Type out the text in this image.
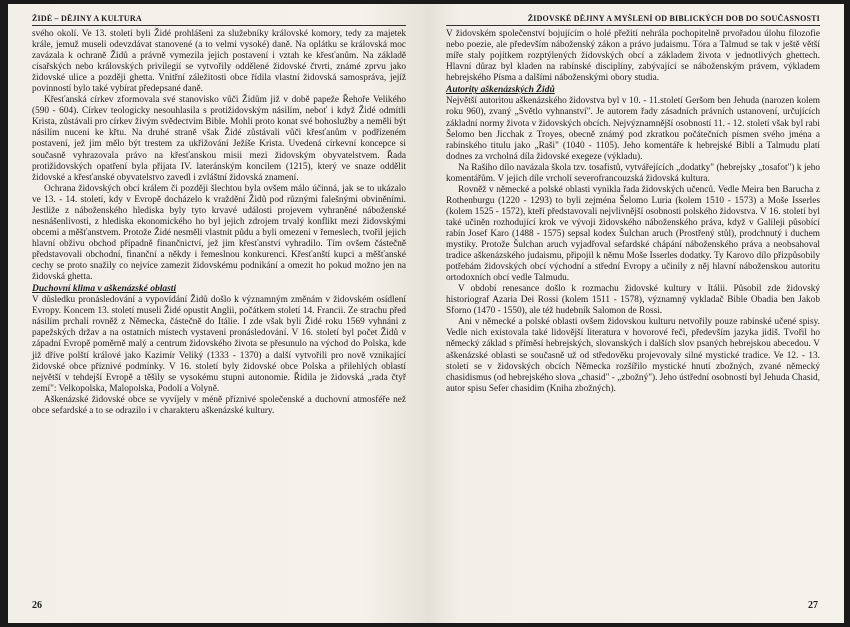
ŽIDÉ – DĚJINY A KULTURA

svého okolí. Ve 13. století byli Židé prohlášeni za služebníky královské komory, tedy za majetek krále, jemuž museli odevzdávat stanovené (a to velmi vysoké) daně. Na oplátku se královská moc zavázala k ochraně Židů a právně vymezila jejich postavení i vztah ke křesťanům. Na základě císařských nebo královských privilegií se vytvořily oddělené židovské čtvrti, známé zprvu jako židovské ulice a později ghetta. Vnitřní záležitosti obce řídila vlastní židovská samospráva, jejíž povinností bylo také vybírat předepsané daně.

Křesťanská církev zformovala své stanovisko vůči Židům již v době papeže Řehoře Velikého (590 - 604). Církev teologicky nesouhlasila s protižidovským násilím, neboť i když Židé odmítli Krista, zůstávali pro církev živým svědectvím Bible. Mohli proto konat své bohoslužby a neměli být násilím nuceni ke křtu. Na druhé straně však Židé zůstávali vůči křesťanům v podřízeném postavení, jež jim mělo být trestem za ukřižování Ježíše Krista. Uvedená církevní koncepce si současně vyhrazovala právo na křesťanskou misii mezi židovským obyvatelstvem. Řada protižidovských opatření byla přijata IV. lateránským koncilem (1215), který ve snaze oddělit židovské a křesťanské obyvatelstvo zavedl i zvláštní židovská znamení.

Ochrana židovských obcí králem či později šlechtou byla ovšem málo účinná, jak se to ukázalo ve 13. - 14. století, kdy v Evropě docházelo k vraždění Židů pod různými falešnými obviněními. Jestliže z náboženského hlediska byly tyto krvavé události projevem vyhraněné náboženské nesnášenlivosti, z hlediska ekonomického ho byl jejich zdrojem trvalý konflikt mezi židovskými obcemi a měšťanstvem. Protože Židé nesměli vlastnit půdu a byli omezeni v řemeslech, tvořil jejich hlavní obživu obchod případně finančnictví, jež jim křesťanství vyhradilo. Tím ovšem částečně představovali obchodní, finanční a někdy i řemeslnou konkurenci. Křesťanští kupci a měšťanské cechy se proto snažily co nejvíce zamezit židovskému podnikání a omezit ho pokud možno jen na židovská ghetta.

Duchovní klima v aškenázské oblasti

V důsledku pronásledování a vypovídání Židů došlo k významným změnám v židovském osídlení Evropy. Koncem 13. století museli Židé opustit Anglii, počátkem století 14. Francii. Ze strachu před násilím prchali rovněž z Německa, částečně do Itálie. I zde však byli Židé roku 1569 vyhnáni z papežských držav a na ostatních místech vystaveni pronásledování. V 16. století byl počet Židů v západní Evropě poměrně malý a centrum židovského života se přesunulo na východ do Polska, kde již dříve polští králové jako Kazimír Veliký (1333 - 1370) a další vytvořili pro nově vznikající židovské obce příznivé podmínky. V 16. století byly židovské obce Polska a přilehlých oblastí největší v tehdejší Evropě a těšily se vysokému stupni autonomie. Řídila je židovská „rada čtyř zemí": Velkopolska, Malopolska, Podolí a Volyně.

Aškenázské židovské obce se vyvíjely v méně příznivé společenské a duchovní atmosféře než obce sefardské a to se odrazilo i v charakteru aškenázské kultury.

26
ŽIDOVSKÉ DĚJINY A MYŠLENÍ OD BIBLICKÝCH DOB DO SOUČASNOSTI

V židovském společenství bojujícím o holé přežití nehrála pochopitelně prvořadou úlohu filozofie nebo poezie, ale především náboženský zákon a právo judaismu. Tóra a Talmud se tak v ještě větší míře staly pojítkem rozptýlených židovských obcí a základem života v jednotlivých ghettech. Hlavní důraz byl kladen na rabínské disciplíny, zabývající se náboženským právem, výkladem hebrejského Písma a dalšími náboženskými obory studia.

Autority aškenázských Židů

Největší autoritou aškenázského židovstva byl v 10. - 11.století Geršom ben Jehuda (narozen kolem roku 960), zvaný „Světlo vyhnanství". Je autorem řady zásadních právních ustanovení, určujících základní normy života v židovských obcích. Nejvýznamnější osobností 11. - 12. století však byl rabi Šelomo ben Jicchak z Troyes, obecně známý pod zkratkou počátečních písmen svého jména a rabínského titulu jako „Raši" (1040 - 1105). Jeho komentáře k hebrejské Bibli a Talmudu platí dodnes za vrcholná díla židovské exegeze (výkladu).

Na Rašiho dílo navázala škola tzv. tosafistů, vytvářejících „dodatky" (hebrejsky „tosafot") k jeho komentářům. V jejich díle vrcholí severofrancouzská židovská kultura.

Rovněž v německé a polské oblasti vynikla řada židovských učenců. Vedle Meira ben Barucha z Rothenburgu (1220 - 1293) to byli zejména Šelomo Luria (kolem 1510 - 1573) a Moše Isserles (kolem 1525 - 1572), kteří představovali nejvlivnější osobnosti polského židovstva. V 16. století byl také učiněn rozhodující krok ve vývoji židovského náboženského práva, když v Galileji působící rabín Josef Karo (1488 - 1575) sepsal kodex Šulchan aruch (Prostřený stůl), prodchnutý i duchem mystiky. Protože Šulchan aruch vyjadřoval sefardské chápání náboženského práva a neobsahoval tradice aškenázského judaismu, připojil k němu Moše Isserles dodatky. Ty Karovo dílo přizpůsobily potřebám židovských obcí východní a střední Evropy a učinily z něj hlavní náboženskou autoritu ortodoxních obcí vedle Talmudu.

V období renesance došlo k rozmachu židovské kultury v Itálii. Působil zde židovský historiograf Azaria Dei Rossi (kolem 1511 - 1578), významný vykladač Bible Obadia ben Jakob Sforno (1470 - 1550), ale též hudebník Salomon de Rossi.

Ani v německé a polské oblasti ovšem židovskou kulturu netvořily pouze rabínské učené spisy. Vedle nich existovala také lidovější literatura v hovorové řeči, především jazyka jidiš. Tvořil ho německý základ s příměsí hebrejských, slovanských i dalších slov psaných hebrejskou abecedou. V aškenázské oblasti se současně už od středověku projevovaly silné mystické tradice. Ve 12. - 13. století se v židovských obcích Německa rozšířilo mystické hnutí zbožných, zvané německý chasidismus (od hebrejského slova „chasid" - „zbožný"). Jeho ústřední osobností byl Jehuda Chasid, autor spisu Sefer chasidim (Kniha zbožných).

27
